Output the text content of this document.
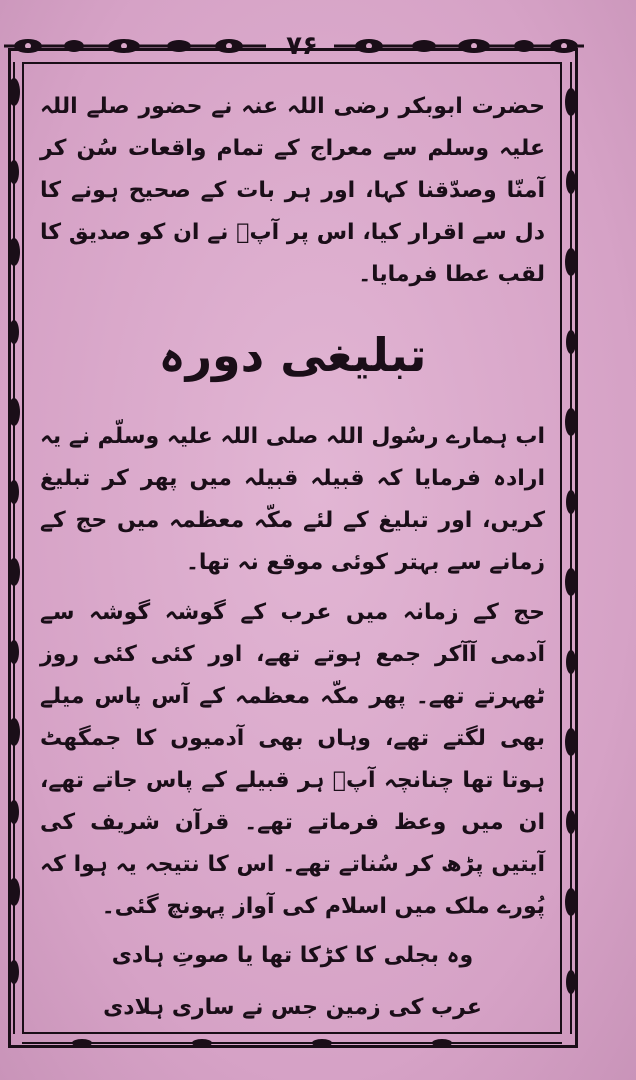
۷۶

حضرت ابوبکر رضی اللہ عنہ نے حضور صلے اللہ علیہ وسلم سے معراج کے تمام واقعات سُن کر آمنّا وصدّقنا کہا، اور ہر بات کے صحیح ہونے کا دل سے اقرار کیا، اس پر آپؐ نے ان کو صدیق کا لقب عطا فرمایا۔

تبلیغی دورہ

اب ہمارے رسُول اللہ صلی اللہ علیہ وسلّم نے یہ ارادہ فرمایا کہ قبیلہ قبیلہ میں پھر کر تبلیغ کریں، اور تبلیغ کے لئے مکّہ معظمہ میں حج کے زمانے سے بہتر کوئی موقع نہ تھا۔

حج کے زمانہ میں عرب کے گوشہ گوشہ سے آدمی آآکر جمع ہوتے تھے، اور کئی کئی روز ٹھہرتے تھے۔ پھر مکّہ معظمہ کے آس پاس میلے بھی لگتے تھے، وہاں بھی آدمیوں کا جمگھٹ ہوتا تھا چنانچہ آپؐ ہر قبیلے کے پاس جاتے تھے، ان میں وعظ فرماتے تھے۔ قرآن شریف کی آیتیں پڑھ کر سُناتے تھے۔ اس کا نتیجہ یہ ہوا کہ پُورے ملک میں اسلام کی آواز پہونچ گئی۔

وہ بجلی کا کڑکا تھا یا صوتِ ہادی

عرب کی زمین جس نے ساری ہلادی
